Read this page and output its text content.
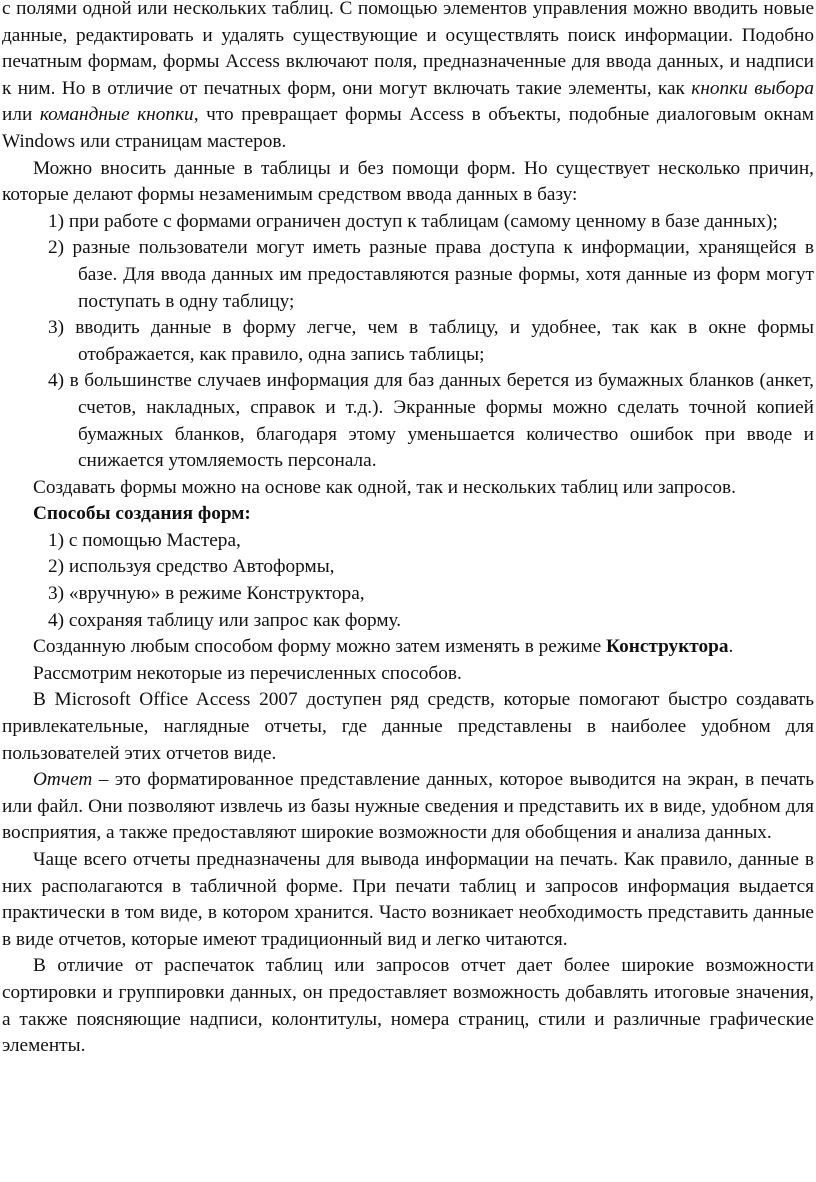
с полями одной или нескольких таблиц. С помощью элементов управления можно вводить новые данные, редактировать и удалять существующие и осуществлять поиск информации. Подобно печатным формам, формы Access включают поля, предназначенные для ввода данных, и надписи к ним. Но в отличие от печатных форм, они могут включать такие элементы, как кнопки выбора или командные кнопки, что превращает формы Access в объекты, подобные диалоговым окнам Windows или страницам мастеров.

Можно вносить данные в таблицы и без помощи форм. Но существует несколько причин, которые делают формы незаменимым средством ввода данных в базу:

1) при работе с формами ограничен доступ к таблицам (самому ценному в базе данных);

2) разные пользователи могут иметь разные права доступа к информации, хранящейся в базе. Для ввода данных им предоставляются разные формы, хотя данные из форм могут поступать в одну таблицу;

3) вводить данные в форму легче, чем в таблицу, и удобнее, так как в окне формы отображается, как правило, одна запись таблицы;

4) в большинстве случаев информация для баз данных берется из бумажных бланков (анкет, счетов, накладных, справок и т.д.). Экранные формы можно сделать точной копией бумажных бланков, благодаря этому уменьшается количество ошибок при вводе и снижается утомляемость персонала.

Создавать формы можно на основе как одной, так и нескольких таблиц или запросов.

Способы создания форм:

1) с помощью Мастера,

2) используя средство Автоформы,

3) «вручную» в режиме Конструктора,

4) сохраняя таблицу или запрос как форму.

Созданную любым способом форму можно затем изменять в режиме Конструктора.

Рассмотрим некоторые из перечисленных способов.

В Microsoft Office Access 2007 доступен ряд средств, которые помогают быстро создавать привлекательные, наглядные отчеты, где данные представлены в наиболее удобном для пользователей этих отчетов виде.

Отчет – это форматированное представление данных, которое выводится на экран, в печать или файл. Они позволяют извлечь из базы нужные сведения и представить их в виде, удобном для восприятия, а также предоставляют широкие возможности для обобщения и анализа данных.

Чаще всего отчеты предназначены для вывода информации на печать. Как правило, данные в них располагаются в табличной форме. При печати таблиц и запросов информация выдается практически в том виде, в котором хранится. Часто возникает необходимость представить данные в виде отчетов, которые имеют традиционный вид и легко читаются.

В отличие от распечаток таблиц или запросов отчет дает более широкие возможности сортировки и группировки данных, он предоставляет возможность добавлять итоговые значения, а также поясняющие надписи, колонтитулы, номера страниц, стили и различные графические элементы.
